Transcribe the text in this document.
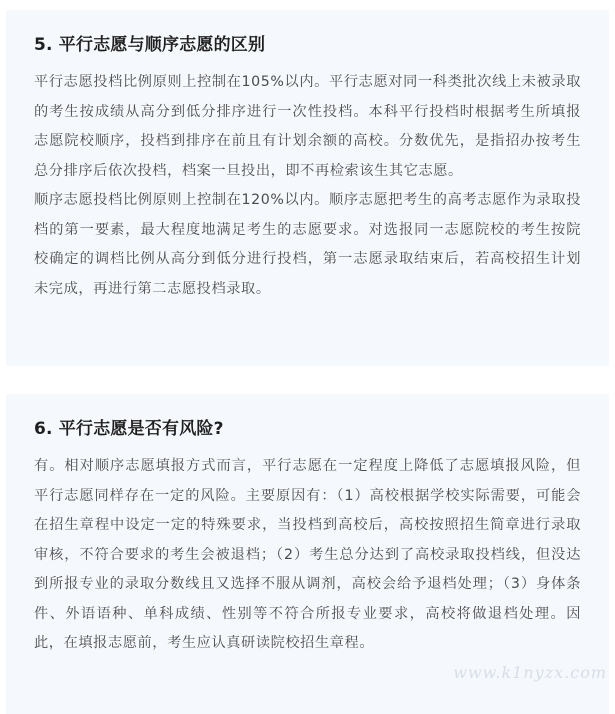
5. 平行志愿与顺序志愿的区别

平行志愿投档比例原则上控制在105%以内。平行志愿对同一科类批次线上未被录取的考生按成绩从高分到低分排序进行一次性投档。本科平行投档时根据考生所填报志愿院校顺序，投档到排序在前且有计划余额的高校。分数优先，是指招办按考生总分排序后依次投档，档案一旦投出，即不再检索该生其它志愿。

顺序志愿投档比例原则上控制在120%以内。顺序志愿把考生的高考志愿作为录取投档的第一要素，最大程度地满足考生的志愿要求。对选报同一志愿院校的考生按院校确定的调档比例从高分到低分进行投档，第一志愿录取结束后，若高校招生计划未完成，再进行第二志愿投档录取。

6. 平行志愿是否有风险?

有。相对顺序志愿填报方式而言，平行志愿在一定程度上降低了志愿填报风险，但平行志愿同样存在一定的风险。主要原因有：（1）高校根据学校实际需要，可能会在招生章程中设定一定的特殊要求，当投档到高校后，高校按照招生简章进行录取审核，不符合要求的考生会被退档；（2）考生总分达到了高校录取投档线，但没达到所报专业的录取分数线且又选择不服从调剂，高校会给予退档处理；（3）身体条件、外语语种、单科成绩、性别等不符合所报专业要求，高校将做退档处理。因此，在填报志愿前，考生应认真研读院校招生章程。

www.k1nyzx.com
